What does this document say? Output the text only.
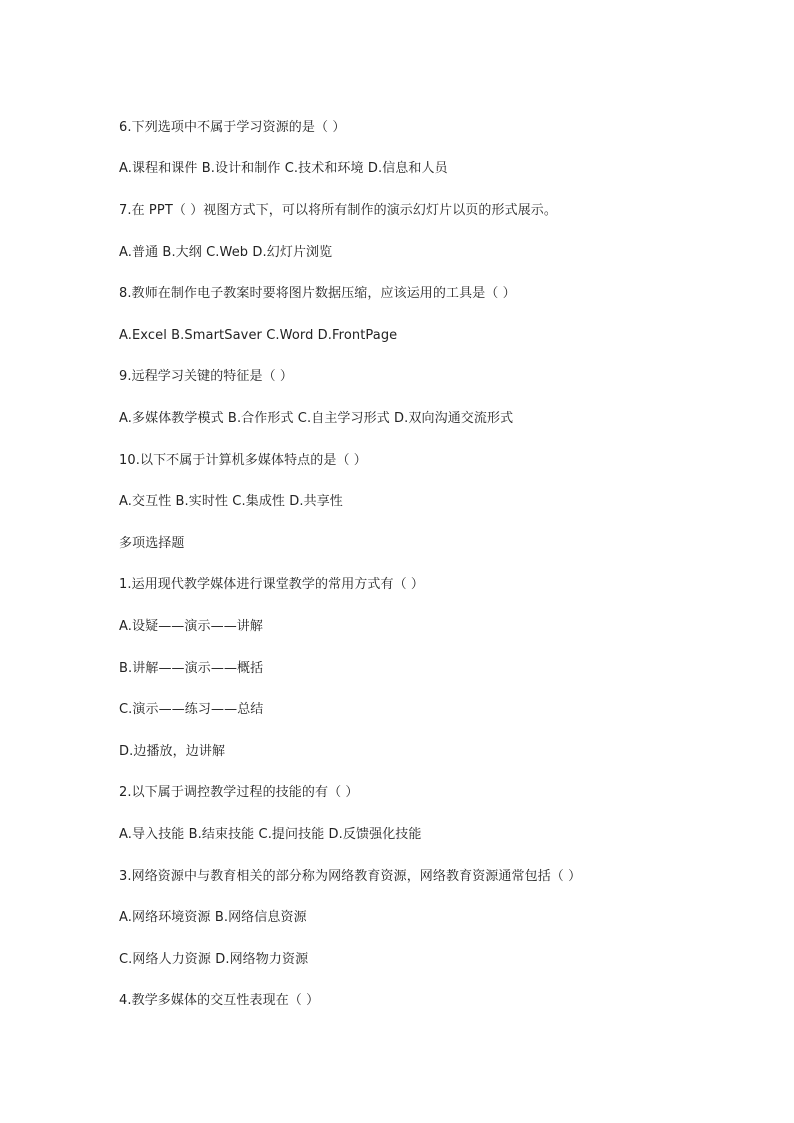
6.下列选项中不属于学习资源的是（ ）
A.课程和课件 B.设计和制作 C.技术和环境 D.信息和人员
7.在 PPT（ ）视图方式下，可以将所有制作的演示幻灯片以页的形式展示。
A.普通 B.大纲 C.Web D.幻灯片浏览
8.教师在制作电子教案时要将图片数据压缩，应该运用的工具是（ ）
A.Excel B.SmartSaver C.Word D.FrontPage
9.远程学习关键的特征是（ ）
A.多媒体教学模式 B.合作形式 C.自主学习形式 D.双向沟通交流形式
10.以下不属于计算机多媒体特点的是（ ）
A.交互性 B.实时性 C.集成性 D.共享性
多项选择题
1.运用现代教学媒体进行课堂教学的常用方式有（ ）
A.设疑——演示——讲解
B.讲解——演示——概括
C.演示——练习——总结
D.边播放，边讲解
2.以下属于调控教学过程的技能的有（ ）
A.导入技能 B.结束技能 C.提问技能 D.反馈强化技能
3.网络资源中与教育相关的部分称为网络教育资源，网络教育资源通常包括（ ）
A.网络环境资源 B.网络信息资源
C.网络人力资源 D.网络物力资源
4.教学多媒体的交互性表现在（ ）
